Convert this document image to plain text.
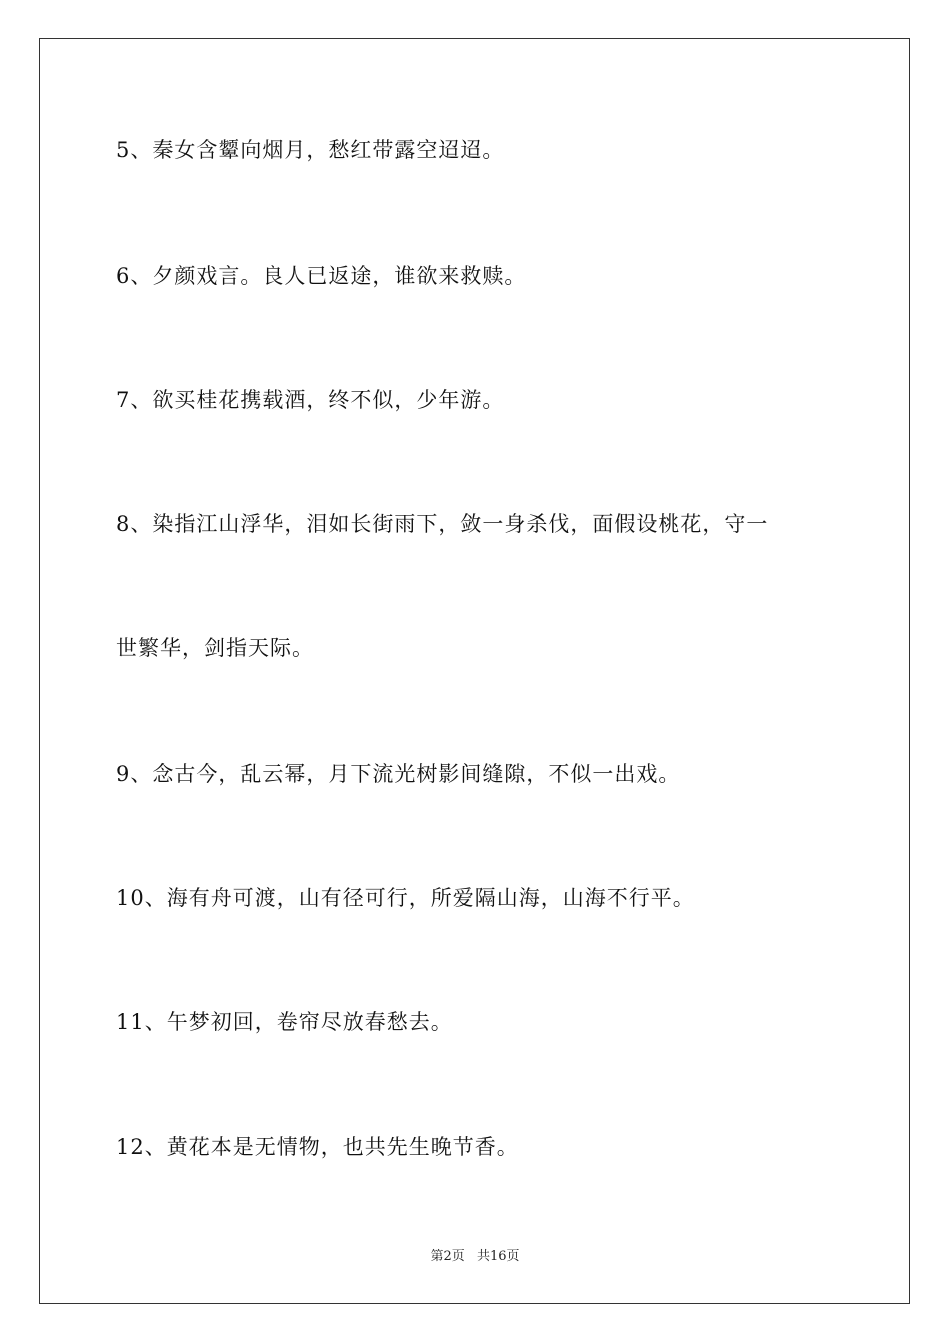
5、秦女含颦向烟月，愁红带露空迢迢。
6、夕颜戏言。良人已返途，谁欲来救赎。
7、欲买桂花携载酒，终不似，少年游。
8、染指江山浮华，泪如长街雨下，敛一身杀伐，面假设桃花，守一
世繁华，剑指天际。
9、念古今，乱云幂，月下流光树影间缝隙，不似一出戏。
10、海有舟可渡，山有径可行，所爱隔山海，山海不行平。
11、午梦初回，卷帘尽放春愁去。
12、黄花本是无情物，也共先生晚节香。
第2页 共16页
